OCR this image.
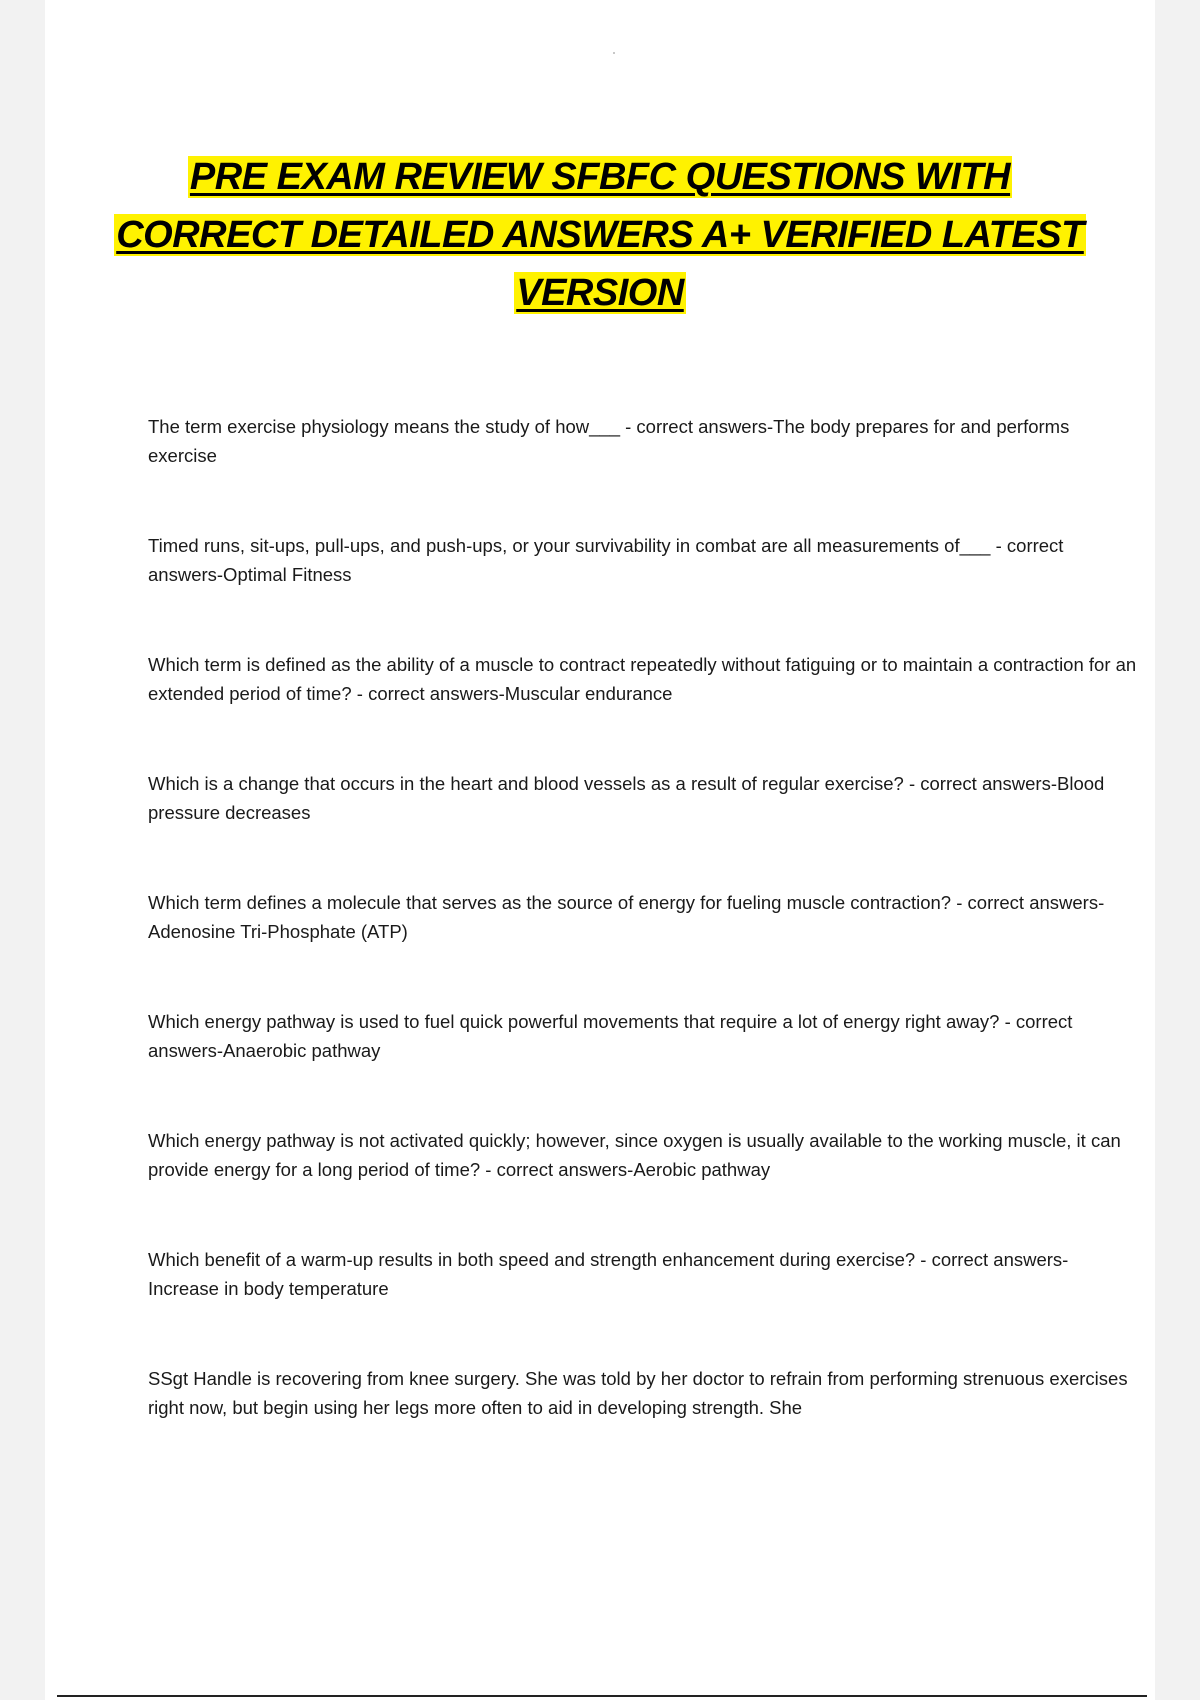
PRE EXAM REVIEW SFBFC QUESTIONS WITH
CORRECT DETAILED ANSWERS A+ VERIFIED LATEST
VERSION
The term exercise physiology means the study of how___ - correct answers-The body prepares for and performs exercise
Timed runs, sit-ups, pull-ups, and push-ups, or your survivability in combat are all measurements of___ - correct answers-Optimal Fitness
Which term is defined as the ability of a muscle to contract repeatedly without fatiguing or to maintain a contraction for an extended period of time? - correct answers-Muscular endurance
Which is a change that occurs in the heart and blood vessels as a result of regular exercise? - correct answers-Blood pressure decreases
Which term defines a molecule that serves as the source of energy for fueling muscle contraction? - correct answers-Adenosine Tri-Phosphate (ATP)
Which energy pathway is used to fuel quick powerful movements that require a lot of energy right away? - correct answers-Anaerobic pathway
Which energy pathway is not activated quickly; however, since oxygen is usually available to the working muscle, it can provide energy for a long period of time? - correct answers-Aerobic pathway
Which benefit of a warm-up results in both speed and strength enhancement during exercise? - correct answers-Increase in body temperature
SSgt Handle is recovering from knee surgery. She was told by her doctor to refrain from performing strenuous exercises right now, but begin using her legs more often to aid in developing strength. She
